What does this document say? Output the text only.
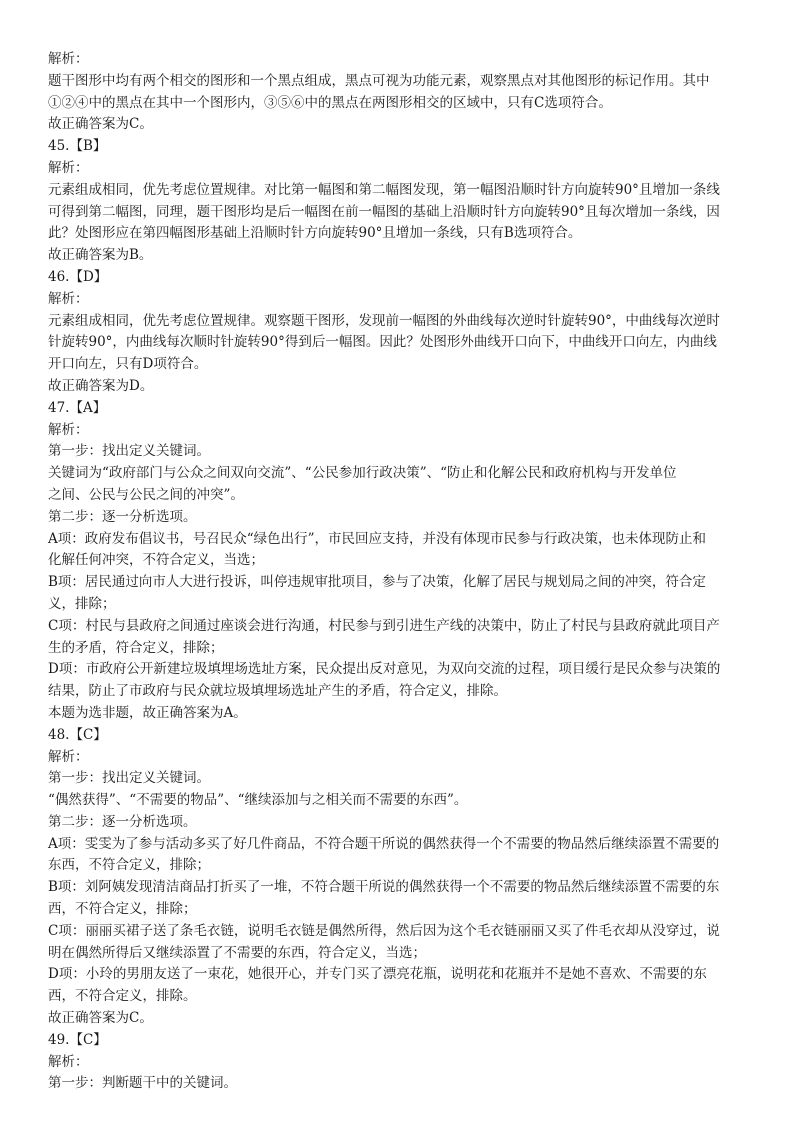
解析：
题干图形中均有两个相交的图形和一个黑点组成，黑点可视为功能元素，观察黑点对其他图形的标记作用。其中
①②④中的黑点在其中一个图形内，③⑤⑥中的黑点在两图形相交的区域中，只有C选项符合。
故正确答案为C。
45.【B】
解析：
元素组成相同，优先考虑位置规律。对比第一幅图和第二幅图发现，第一幅图沿顺时针方向旋转90°且增加一条线
可得到第二幅图，同理，题干图形均是后一幅图在前一幅图的基础上沿顺时针方向旋转90°且每次增加一条线，因
此？处图形应在第四幅图形基础上沿顺时针方向旋转90°且增加一条线，只有B选项符合。
故正确答案为B。
46.【D】
解析：
元素组成相同，优先考虑位置规律。观察题干图形，发现前一幅图的外曲线每次逆时针旋转90°，中曲线每次逆时
针旋转90°，内曲线每次顺时针旋转90°得到后一幅图。因此？处图形外曲线开口向下，中曲线开口向左，内曲线
开口向左，只有D项符合。
故正确答案为D。
47.【A】
解析：
第一步：找出定义关键词。
关键词为“政府部门与公众之间双向交流”、“公民参加行政决策”、“防止和化解公民和政府机构与开发单位
之间、公民与公民之间的冲突”。
第二步：逐一分析选项。
A项：政府发布倡议书，号召民众“绿色出行”，市民回应支持，并没有体现市民参与行政决策，也未体现防止和
化解任何冲突，不符合定义，当选；
B项：居民通过向市人大进行投诉，叫停违规审批项目，参与了决策，化解了居民与规划局之间的冲突，符合定
义，排除；
C项：村民与县政府之间通过座谈会进行沟通，村民参与到引进生产线的决策中，防止了村民与县政府就此项目产
生的矛盾，符合定义，排除；
D项：市政府公开新建垃圾填埋场选址方案，民众提出反对意见，为双向交流的过程，项目缓行是民众参与决策的
结果，防止了市政府与民众就垃圾填埋场选址产生的矛盾，符合定义，排除。
本题为选非题，故正确答案为A。
48.【C】
解析：
第一步：找出定义关键词。
“偶然获得”、“不需要的物品”、“继续添加与之相关而不需要的东西”。
第二步：逐一分析选项。
A项：雯雯为了参与活动多买了好几件商品，不符合题干所说的偶然获得一个不需要的物品然后继续添置不需要的
东西，不符合定义，排除；
B项：刘阿姨发现清洁商品打折买了一堆，不符合题干所说的偶然获得一个不需要的物品然后继续添置不需要的东
西，不符合定义，排除；
C项：丽丽买裙子送了条毛衣链，说明毛衣链是偶然所得，然后因为这个毛衣链丽丽又买了件毛衣却从没穿过，说
明在偶然所得后又继续添置了不需要的东西，符合定义，当选；
D项：小玲的男朋友送了一束花，她很开心，并专门买了漂亮花瓶，说明花和花瓶并不是她不喜欢、不需要的东
西，不符合定义，排除。
故正确答案为C。
49.【C】
解析：
第一步：判断题干中的关键词。
